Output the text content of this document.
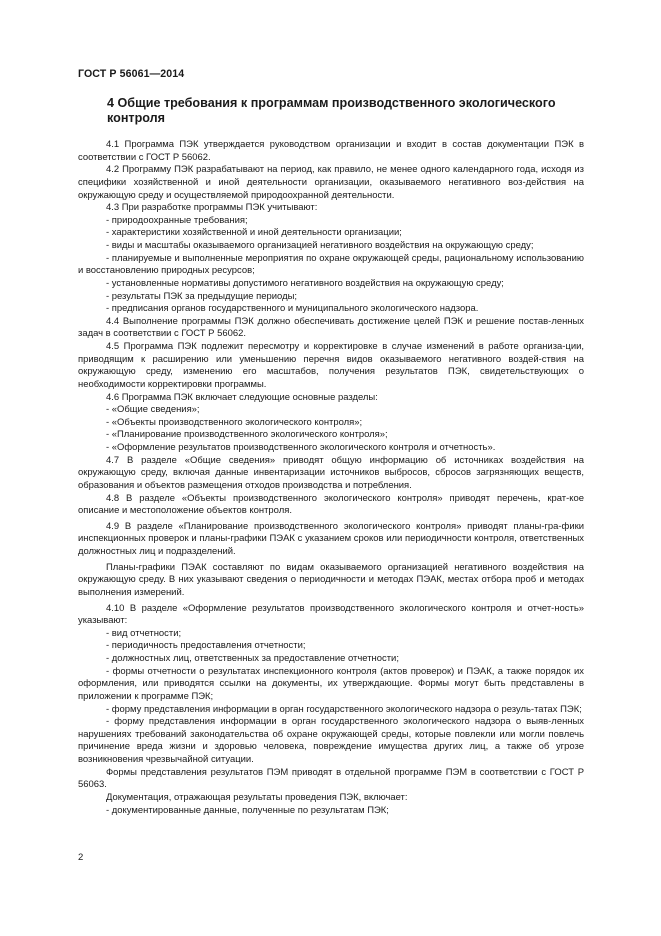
ГОСТ Р 56061—2014
4 Общие требования к программам производственного экологического контроля

4.1 Программа ПЭК утверждается руководством организации и входит в состав документации ПЭК в соответствии с ГОСТ Р 56062.

4.2 Программу ПЭК разрабатывают на период, как правило, не менее одного календарного года, исходя из специфики хозяйственной и иной деятельности организации, оказываемого негативного воз-действия на окружающую среду и осуществляемой природоохранной деятельности.

4.3 При разработке программы ПЭК учитывают:

- природоохранные требования;

- характеристики хозяйственной и иной деятельности организации;

- виды и масштабы оказываемого организацией негативного воздействия на окружающую среду;

- планируемые и выполненные мероприятия по охране окружающей среды, рациональному использованию и восстановлению природных ресурсов;

- установленные нормативы допустимого негативного воздействия на окружающую среду;

- результаты ПЭК за предыдущие периоды;

- предписания органов государственного и муниципального экологического надзора.

4.4 Выполнение программы ПЭК должно обеспечивать достижение целей ПЭК и решение постав-ленных задач в соответствии с ГОСТ Р 56062.

4.5 Программа ПЭК подлежит пересмотру и корректировке в случае изменений в работе организа-ции, приводящим к расширению или уменьшению перечня видов оказываемого негативного воздей-ствия на окружающую среду, изменению его масштабов, получения результатов ПЭК, свидетельствующих о необходимости корректировки программы.

4.6 Программа ПЭК включает следующие основные разделы:

- «Общие сведения»;

- «Объекты производственного экологического контроля»;

- «Планирование производственного экологического контроля»;

- «Оформление результатов производственного экологического контроля и отчетность».

4.7 В разделе «Общие сведения» приводят общую информацию об источниках воздействия на окружающую среду, включая данные инвентаризации источников выбросов, сбросов загрязняющих веществ, образования и объектов размещения отходов производства и потребления.

4.8 В разделе «Объекты производственного экологического контроля» приводят перечень, крат-кое описание и местоположение объектов контроля.

4.9 В разделе «Планирование производственного экологического контроля» приводят планы-гра-фики инспекционных проверок и планы-графики ПЭАК с указанием сроков или периодичности контроля, ответственных должностных лиц и подразделений.

Планы-графики ПЭАК составляют по видам оказываемого организацией негативного воздействия на окружающую среду. В них указывают сведения о периодичности и методах ПЭАК, местах отбора проб и методах выполнения измерений.

4.10 В разделе «Оформление результатов производственного экологического контроля и отчет-ность» указывают:

- вид отчетности;

- периодичность предоставления отчетности;

- должностных лиц, ответственных за предоставление отчетности;

- формы отчетности о результатах инспекционного контроля (актов проверок) и ПЭАК, а также порядок их оформления, или приводятся ссылки на документы, их утверждающие. Формы могут быть представлены в приложении к программе ПЭК;

- форму представления информации в орган государственного экологического надзора о резуль-татах ПЭК;

- форму представления информации в орган государственного экологического надзора о выяв-ленных нарушениях требований законодательства об охране окружающей среды, которые повлекли или могли повлечь причинение вреда жизни и здоровью человека, повреждение имущества других лиц, а также об угрозе возникновения чрезвычайной ситуации.

Формы представления результатов ПЭМ приводят в отдельной программе ПЭМ в соответствии с ГОСТ Р 56063.

Документация, отражающая результаты проведения ПЭК, включает:

- документированные данные, полученные по результатам ПЭК;

2
